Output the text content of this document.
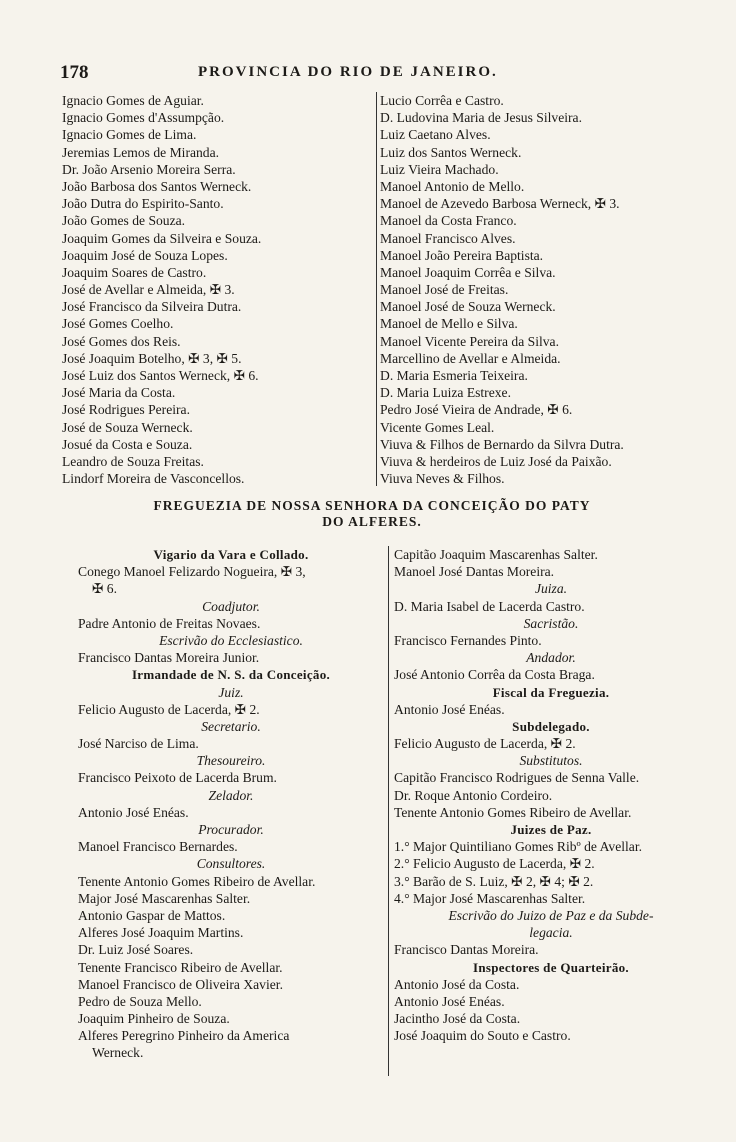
178	PROVINCIA DO RIO DE JANEIRO.
Ignacio Gomes de Aguiar.
Ignacio Gomes d'Assumpção.
Ignacio Gomes de Lima.
Jeremias Lemos de Miranda.
Dr. João Arsenio Moreira Serra.
João Barbosa dos Santos Werneck.
João Dutra do Espirito-Santo.
João Gomes de Souza.
Joaquim Gomes da Silveira e Souza.
Joaquim José de Souza Lopes.
Joaquim Soares de Castro.
José de Avellar e Almeida, ✠ 3.
José Francisco da Silveira Dutra.
José Gomes Coelho.
José Gomes dos Reis.
José Joaquim Botelho, ✠ 3, ✠ 5.
José Luiz dos Santos Werneck, ✠ 6.
José Maria da Costa.
José Rodrigues Pereira.
José de Souza Werneck.
Josué da Costa e Souza.
Leandro de Souza Freitas.
Lindorf Moreira de Vasconcellos.
Lucio Corrêa e Castro.
D. Ludovina Maria de Jesus Silveira.
Luiz Caetano Alves.
Luiz dos Santos Werneck.
Luiz Vieira Machado.
Manoel Antonio de Mello.
Manoel de Azevedo Barbosa Werneck, ✠ 3.
Manoel da Costa Franco.
Manoel Francisco Alves.
Manoel João Pereira Baptista.
Manoel Joaquim Corrêa e Silva.
Manoel José de Freitas.
Manoel José de Souza Werneck.
Manoel de Mello e Silva.
Manoel Vicente Pereira da Silva.
Marcellino de Avellar e Almeida.
D. Maria Esmeria Teixeira.
D. Maria Luiza Estrexe.
Pedro José Vieira de Andrade, ✠ 6.
Vicente Gomes Leal.
Viuva & Filhos de Bernardo da Silvra Dutra.
Viuva & herdeiros de Luiz José da Paixão.
Viuva Neves & Filhos.
FREGUEZIA DE NOSSA SENHORA DA CONCEIÇÃO DO PATY
DO ALFERES.
Vigario da Vara e Collado.
Conego Manoel Felizardo Nogueira, ✠ 3,
✠ 6.
Coadjutor.
Padre Antonio de Freitas Novaes.
Escrivão do Ecclesiastico.
Francisco Dantas Moreira Junior.
Irmandade de N. S. da Conceição.
Juiz.
Felicio Augusto de Lacerda, ✠ 2.
Secretario.
José Narciso de Lima.
Thesoureiro.
Francisco Peixoto de Lacerda Brum.
Zelador.
Antonio José Enéas.
Procurador.
Manoel Francisco Bernardes.
Consultores.
Tenente Antonio Gomes Ribeiro de Avellar.
Major José Mascarenhas Salter.
Antonio Gaspar de Mattos.
Alferes José Joaquim Martins.
Dr. Luiz José Soares.
Tenente Francisco Ribeiro de Avellar.
Manoel Francisco de Oliveira Xavier.
Pedro de Souza Mello.
Joaquim Pinheiro de Souza.
Alferes Peregrino Pinheiro da America
Werneck.
Capitão Joaquim Mascarenhas Salter.
Manoel José Dantas Moreira.
Juiza.
D. Maria Isabel de Lacerda Castro.
Sacristão.
Francisco Fernandes Pinto.
Andador.
José Antonio Corrêa da Costa Braga.
Fiscal da Freguezia.
Antonio José Enéas.
Subdelegado.
Felicio Augusto de Lacerda, ✠ 2.
Substitutos.
Capitão Francisco Rodrigues de Senna Valle.
Dr. Roque Antonio Cordeiro.
Tenente Antonio Gomes Ribeiro de Avellar.
Juizes de Paz.
1.° Major Quintiliano Gomes Ribº de Avellar.
2.° Felicio Augusto de Lacerda, ✠ 2.
3.° Barão de S. Luiz, ✠ 2, ✠ 4; ✠ 2.
4.° Major José Mascarenhas Salter.
Escrivão do Juizo de Paz e da Subde-
legacia.
Francisco Dantas Moreira.
Inspectores de Quarteirão.
Antonio José da Costa.
Antonio José Enéas.
Jacintho José da Costa.
José Joaquim do Souto e Castro.
